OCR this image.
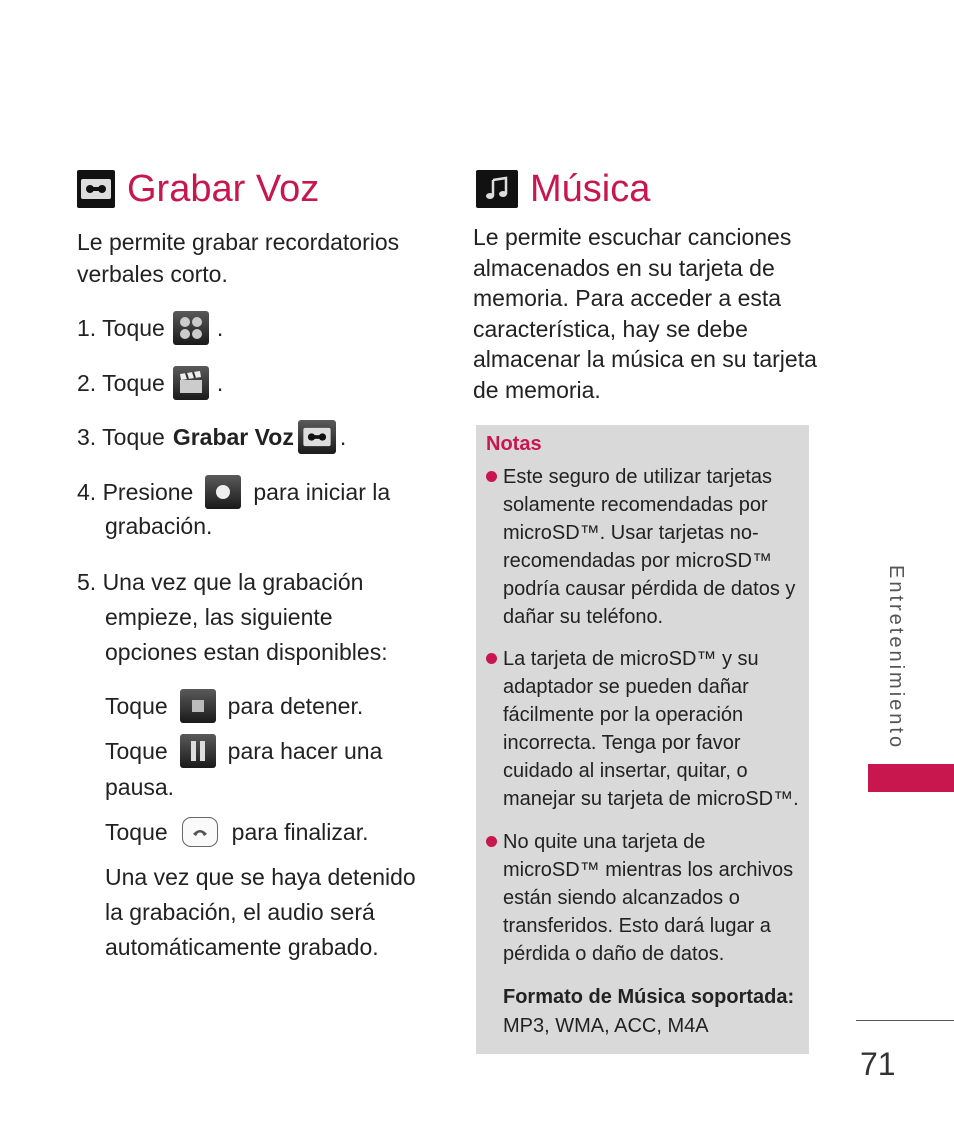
Grabar Voz
Le permite grabar recordatorios verbales corto.
1. Toque .
2. Toque .
3. Toque Grabar Voz .
4. Presione	para iniciar la
grabación.
5. Una vez que la grabación empieze, las siguiente opciones estan disponibles:
Toque	para detener.
Toque	para hacer una
pausa.
Toque	para finalizar.
Una vez que se haya detenido la grabación, el audio será automáticamente grabado.
Música
Le permite escuchar canciones almacenados en su tarjeta de memoria. Para acceder a esta característica, hay se debe almacenar la música en su tarjeta de memoria.
Notas
Este seguro de utilizar tarjetas solamente recomendadas por microSD™. Usar tarjetas no-recomendadas por microSD™ podría causar pérdida de datos y dañar su teléfono.
La tarjeta de microSD™ y su adaptador se pueden dañar fácilmente por la operación incorrecta. Tenga por favor cuidado al insertar, quitar, o manejar su tarjeta de microSD™.
No quite una tarjeta de microSD™ mientras los archivos están siendo alcanzados o transferidos. Esto dará lugar a pérdida o daño de datos.
Formato de Música soportada:
MP3, WMA, ACC, M4A
Entretenimiento
71
